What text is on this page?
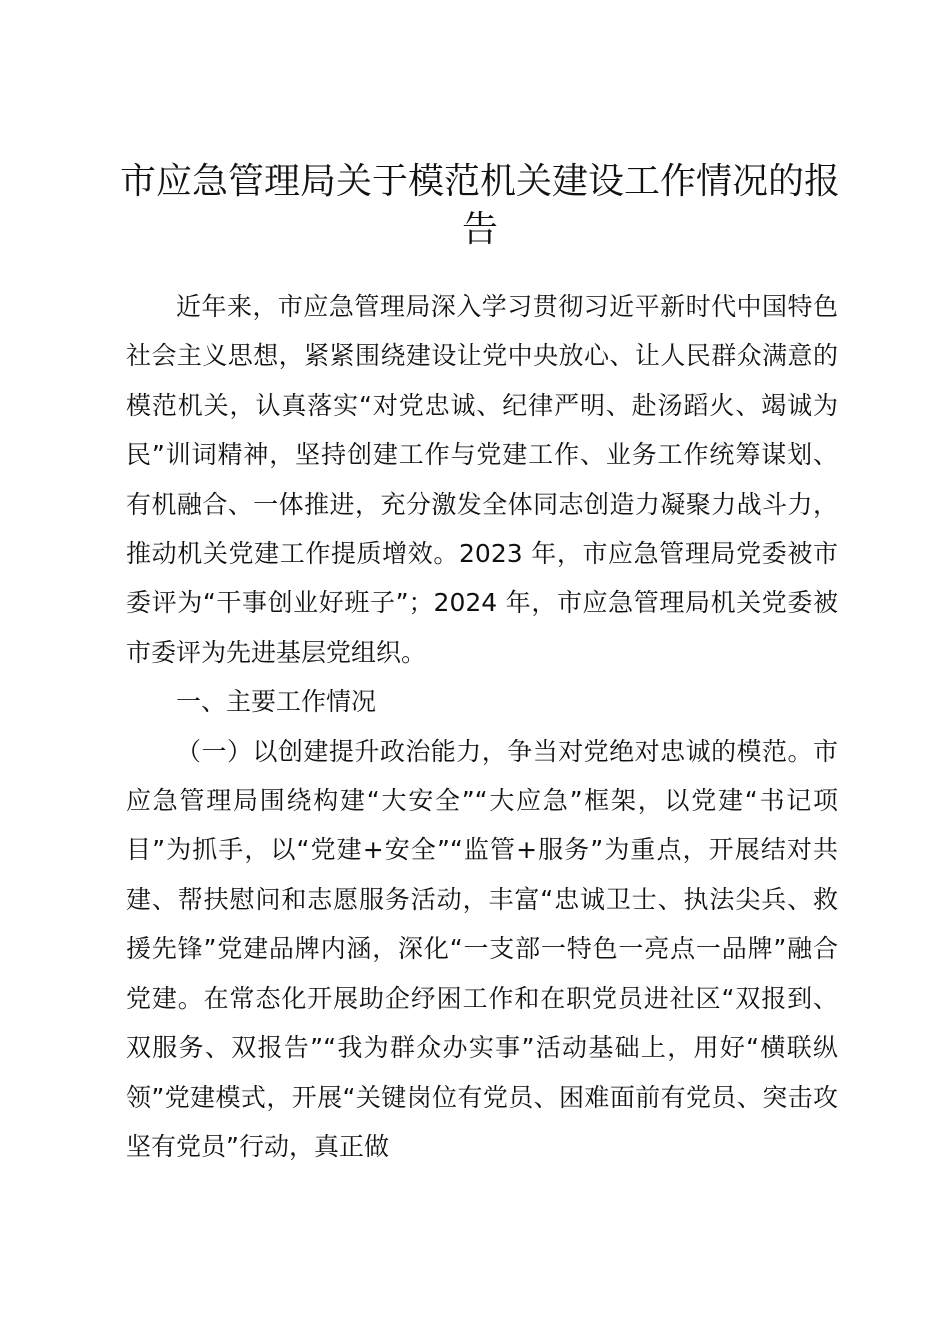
市应急管理局关于模范机关建设工作情况的报告

近年来，市应急管理局深入学习贯彻习近平新时代中国特色社会主义思想，紧紧围绕建设让党中央放心、让人民群众满意的模范机关，认真落实“对党忠诚、纪律严明、赴汤蹈火、竭诚为民”训词精神，坚持创建工作与党建工作、业务工作统筹谋划、有机融合、一体推进，充分激发全体同志创造力凝聚力战斗力，推动机关党建工作提质增效。2023 年，市应急管理局党委被市委评为“干事创业好班子”；2024 年，市应急管理局机关党委被市委评为先进基层党组织。

一、主要工作情况

（一）以创建提升政治能力，争当对党绝对忠诚的模范。市应急管理局围绕构建“大安全”“大应急”框架，以党建“书记项目”为抓手，以“党建+安全”“监管+服务”为重点，开展结对共建、帮扶慰问和志愿服务活动，丰富“忠诚卫士、执法尖兵、救援先锋”党建品牌内涵，深化“一支部一特色一亮点一品牌”融合党建。在常态化开展助企纾困工作和在职党员进社区“双报到、双服务、双报告”“我为群众办实事”活动基础上，用好“横联纵领”党建模式，开展“关键岗位有党员、困难面前有党员、突击攻坚有党员”行动，真正做
